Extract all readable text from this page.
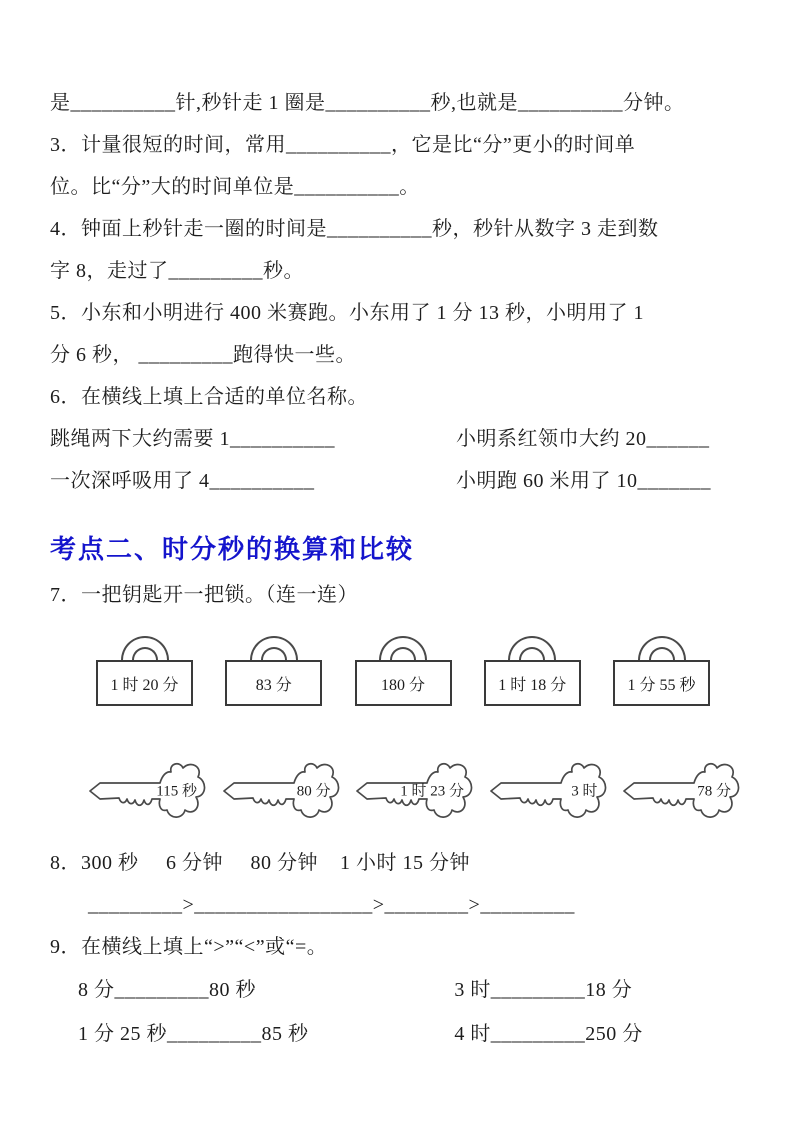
是__________针,秒针走 1 圈是__________秒,也就是__________分钟。

3．计量很短的时间，常用__________，它是比“分”更小的时间单

位。比“分”大的时间单位是__________。

4．钟面上秒针走一圈的时间是__________秒，秒针从数字 3 走到数

字 8，走过了_________秒。

5．小东和小明进行 400 米赛跑。小东用了 1 分 13 秒，小明用了 1

分 6 秒， _________跑得快一些。

6．在横线上填上合适的单位名称。

跳绳两下大约需要 1__________	小明系红领巾大约 20______
一次深呼吸用了 4__________	小明跑 60 米用了 10_______
考点二、时分秒的换算和比较

7．一把钥匙开一把锁。（连一连）

1 时 20 分	83 分	180 分	1 时 18 分	1 分 55 秒
115 秒	80 分	1 时 23 分	3 时	78 分

8．300 秒     6 分钟     80 分钟    1 小时 15 分钟

_________>_________________>________>_________

9．在横线上填上“>”“<”或“=。

8 分_________80 秒	3 时_________18 分
1 分 25 秒_________85 秒	4 时_________250 分
